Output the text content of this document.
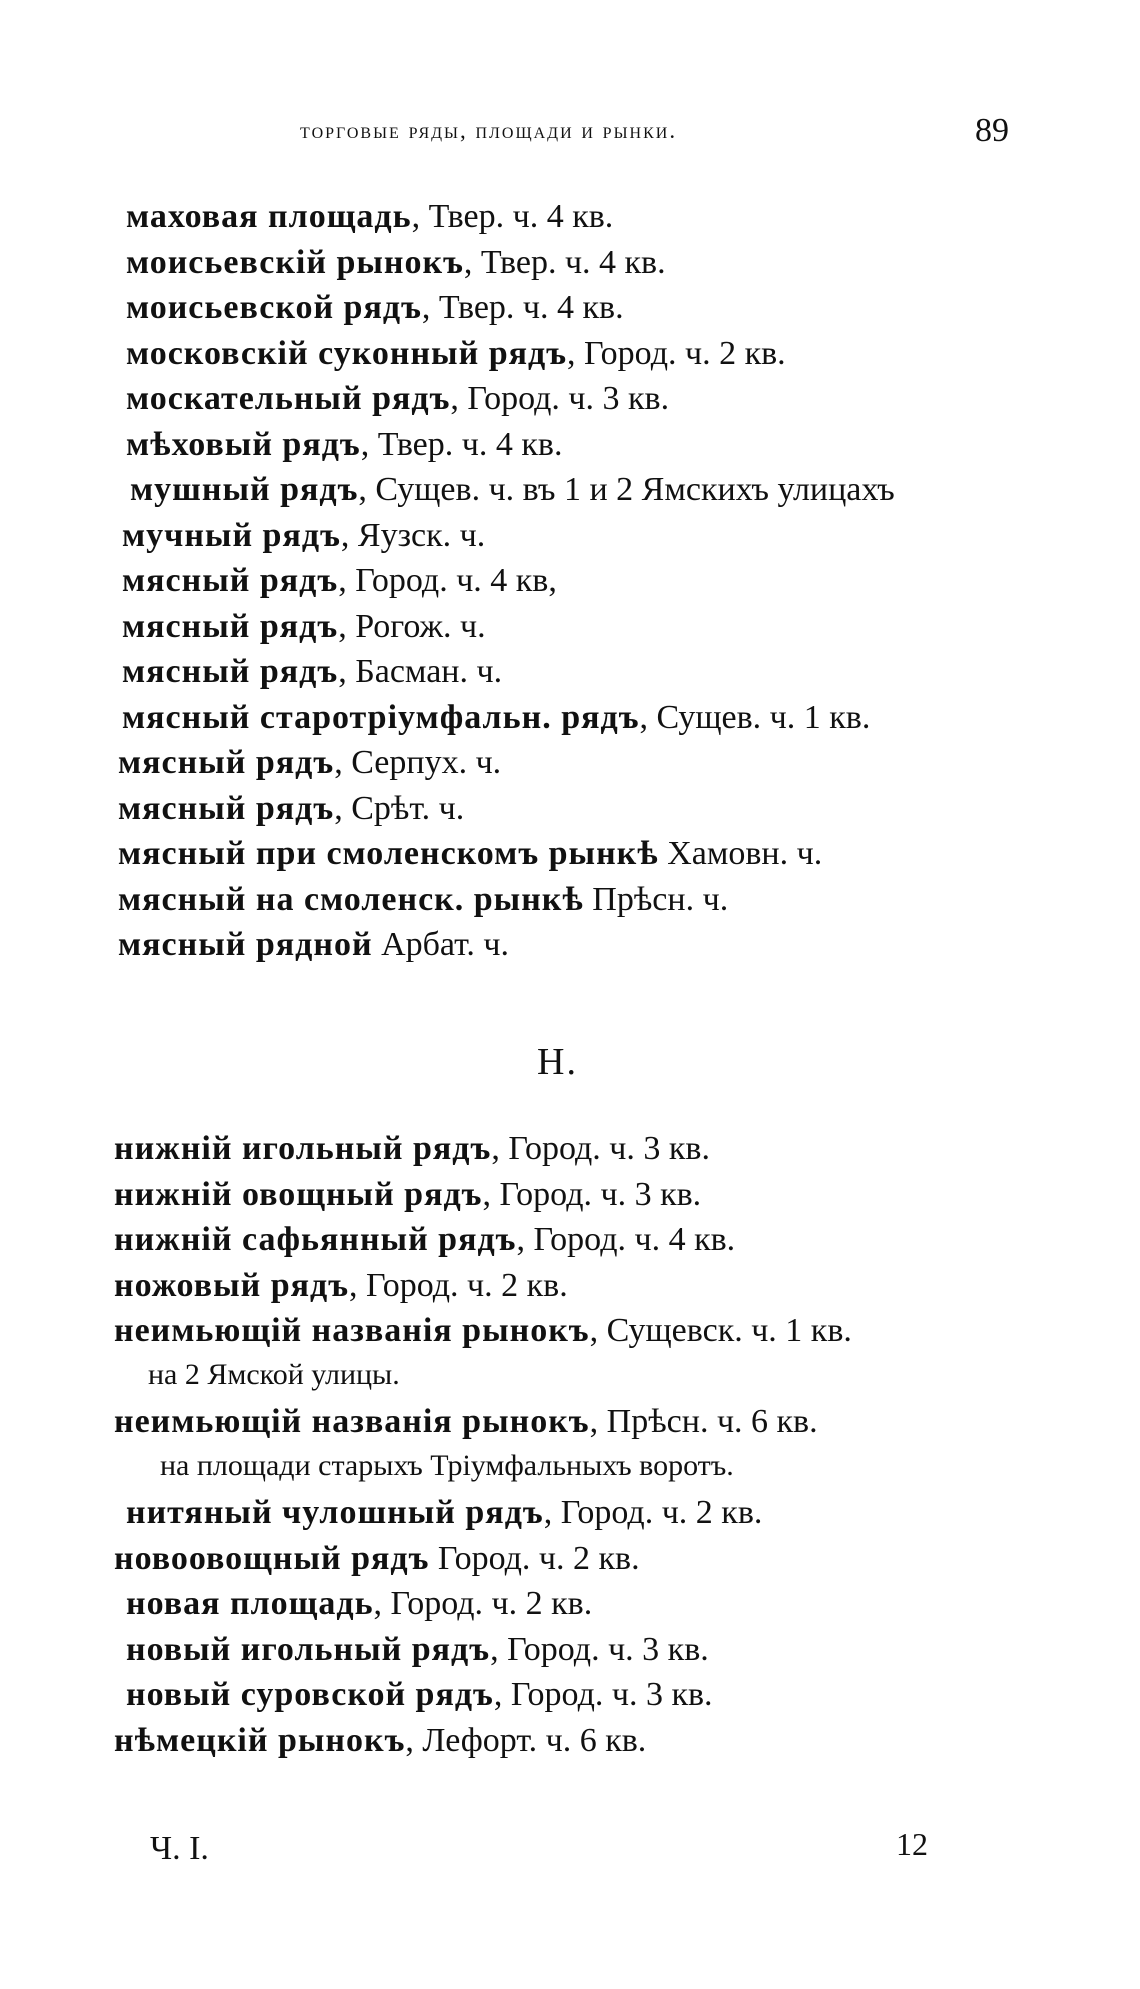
торговые ряды, площади и рынки.	89
маховая площадь, Твер. ч. 4 кв.
моисьевскій рынокъ, Твер. ч. 4 кв.
моисьевской рядъ, Твер. ч. 4 кв.
московскій суконный рядъ, Город. ч. 2 кв.
москательный рядъ, Город. ч. 3 кв.
мѣховый рядъ, Твер. ч. 4 кв.
мушный рядъ, Сущев. ч. въ 1 и 2 Ямскихъ улицахъ
мучный рядъ, Яузск. ч.
мясный рядъ, Город. ч. 4 кв,
мясный рядъ, Рогож. ч.
мясный рядъ, Басман. ч.
мясный старотріумфальн. рядъ, Сущев. ч. 1 кв.
мясный рядъ, Серпух. ч.
мясный рядъ, Срѣт. ч.
мясный при смоленскомъ рынкѣ Хамовн. ч.
мясный на смоленск. рынкѣ Прѣсн. ч.
мясный рядной Арбат. ч.
Н.
нижній игольный рядъ, Город. ч. 3 кв.
нижній овощный рядъ, Город. ч. 3 кв.
нижній сафьянный рядъ, Город. ч. 4 кв.
ножовый рядъ, Город. ч. 2 кв.
неимьющій названія рынокъ, Сущевск. ч. 1 кв.
на 2 Ямской улицы.
неимьющій названія рынокъ, Прѣсн. ч. 6 кв.
на площади старыхъ Тріумфальныхъ воротъ.
нитяный чулошный рядъ, Город. ч. 2 кв.
новоовощный рядъ Город. ч. 2 кв.
новая площадь, Город. ч. 2 кв.
новый игольный рядъ, Город. ч. 3 кв.
новый суровской рядъ, Город. ч. 3 кв.
нѣмецкій рынокъ, Лефорт. ч. 6 кв.
Ч. I.	12
